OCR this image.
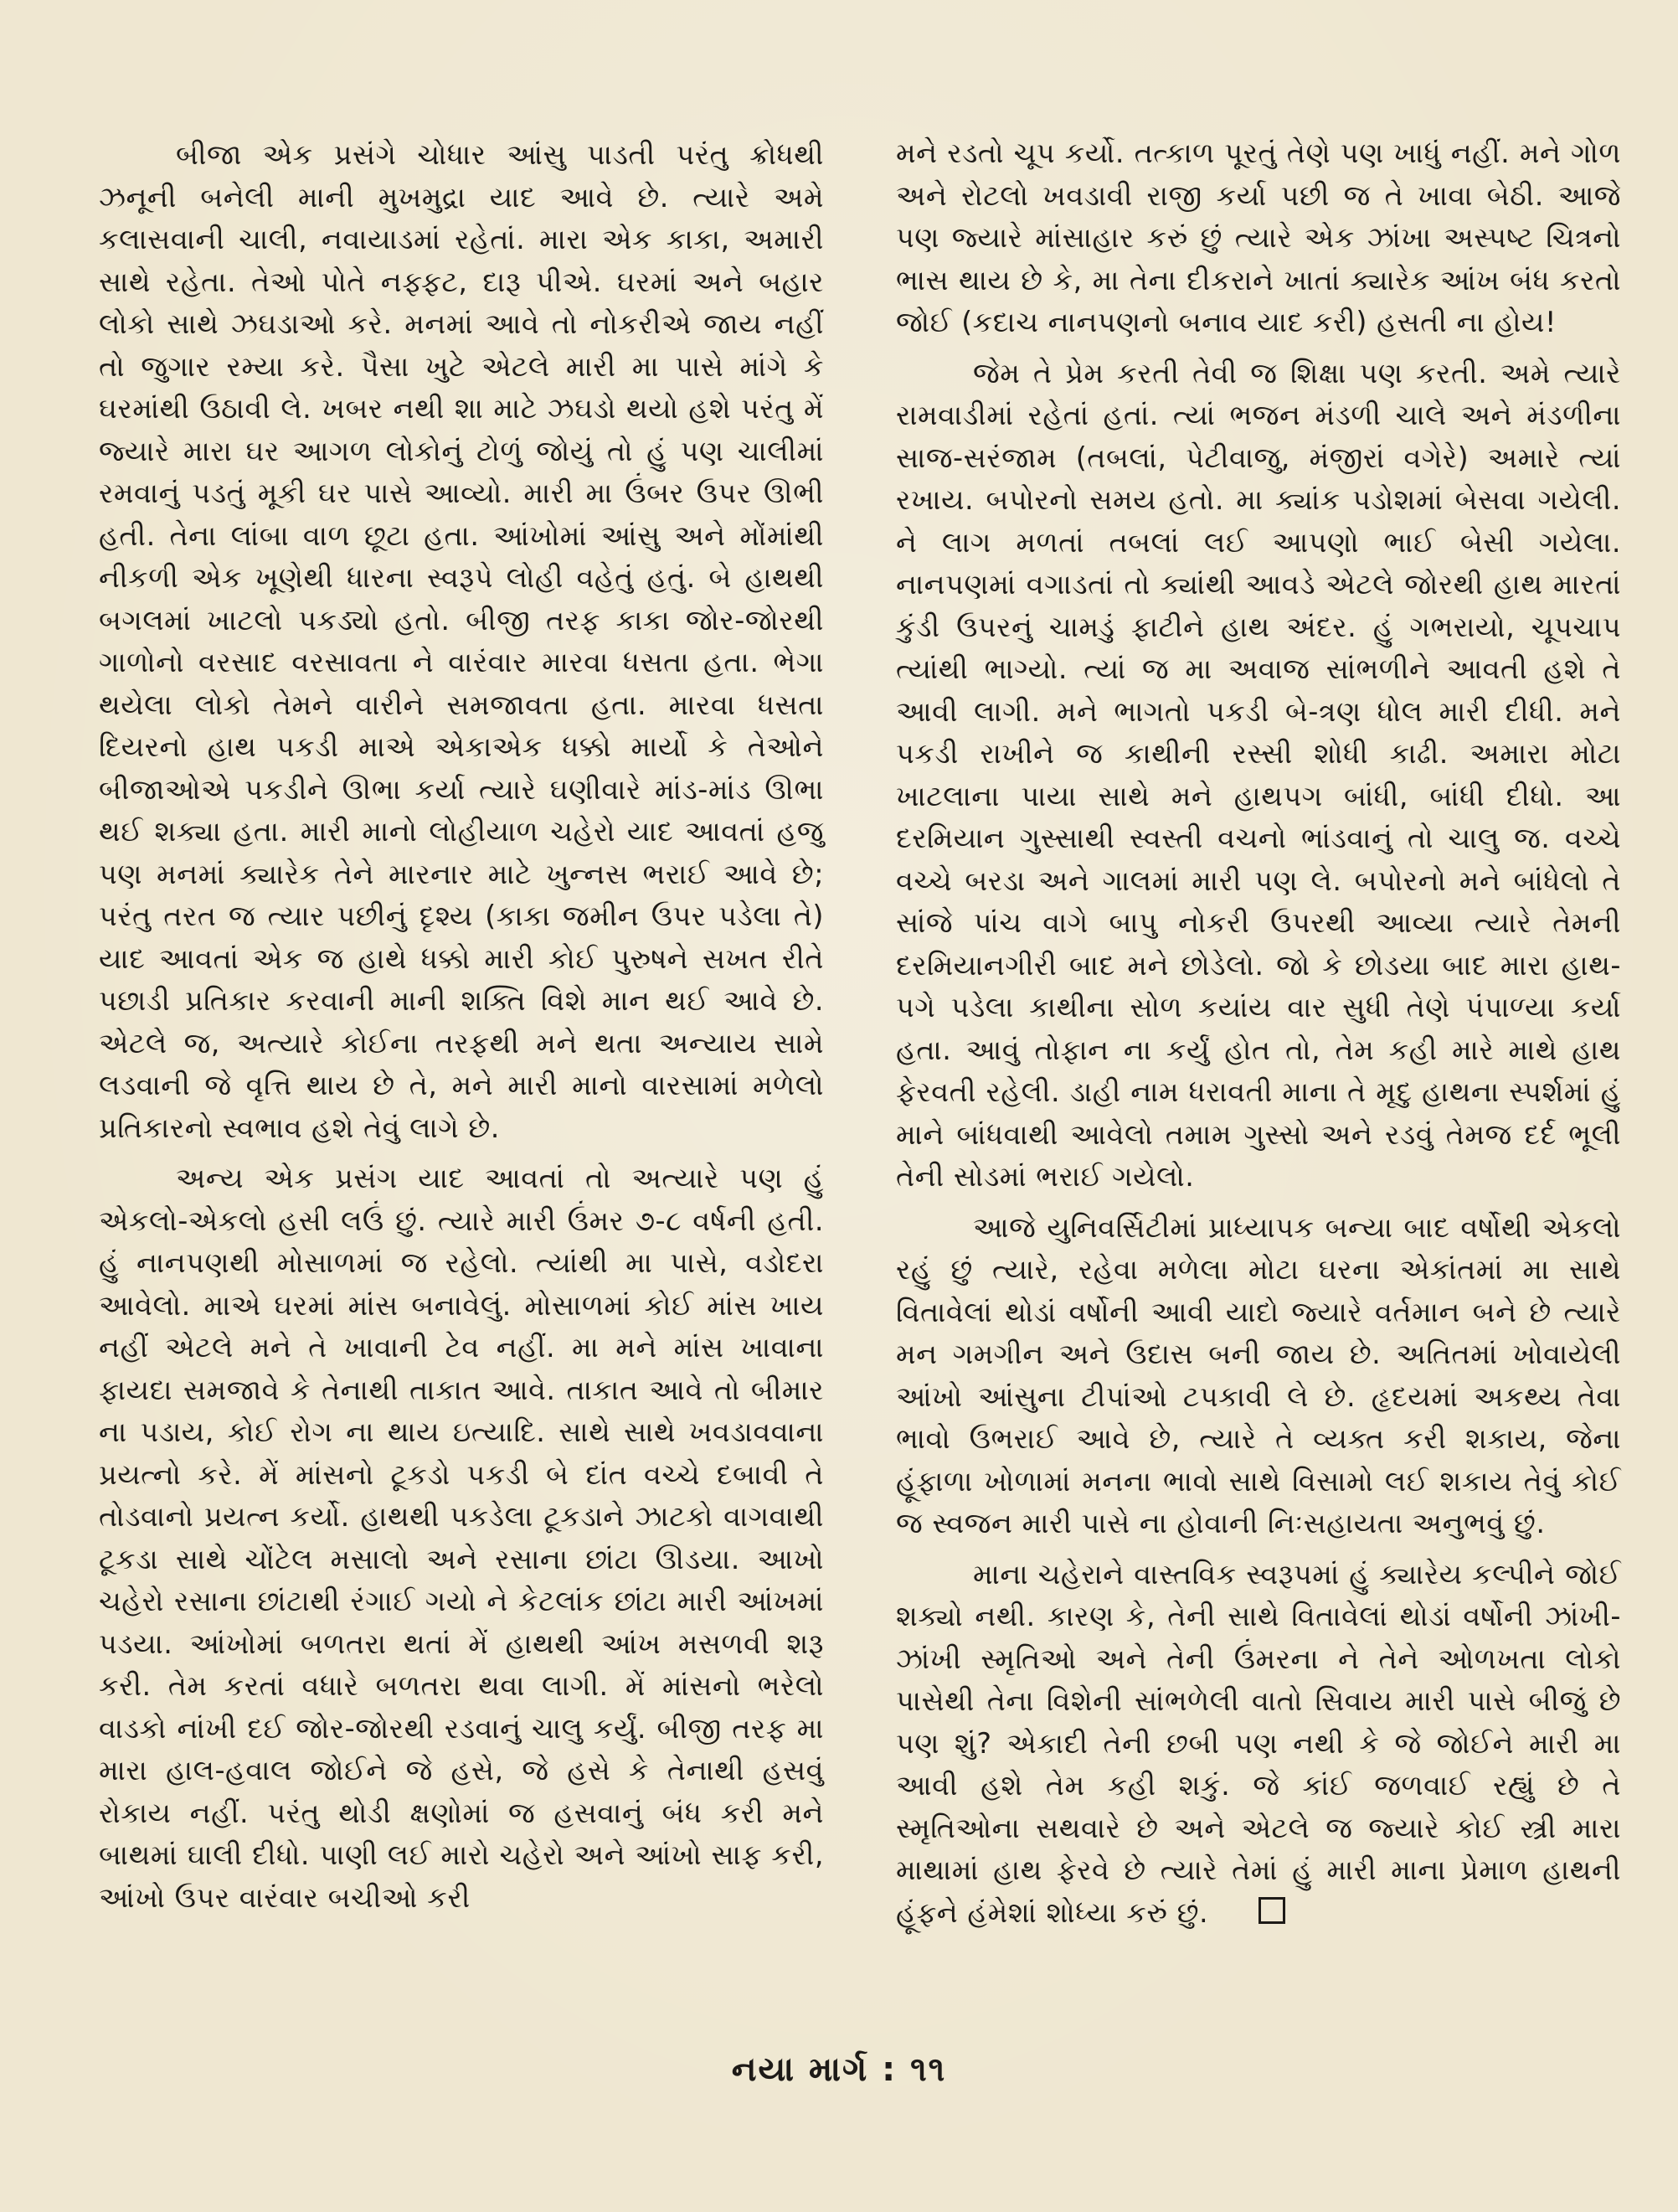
બીજા એક પ્રસંગે ચોધાર આંસુ પાડતી પરંતુ ક્રોધથી ઝનૂની બનેલી માની મુખમુદ્રા યાદ આવે છે. ત્યારે અમે કલાસવાની ચાલી, નવાયાડમાં રહેતાં. મારા એક કાકા, અમારી સાથે રહેતા. તેઓ પોતે નફ્ફટ, દારૂ પીએ. ઘરમાં અને બહાર લોકો સાથે ઝઘડાઓ કરે. મનમાં આવે તો નોકરીએ જાય નહીં તો જુગાર રમ્યા કરે. પૈસા ખુટે એટલે મારી મા પાસે માંગે કે ઘરમાંથી ઉઠાવી લે. ખબર નથી શા માટે ઝઘડો થયો હશે પરંતુ મેં જ્યારે મારા ઘર આગળ લોકોનું ટોળું જોયું તો હું પણ ચાલીમાં રમવાનું પડતું મૂકી ઘર પાસે આવ્યો. મારી મા ઉંબર ઉપર ઊભી હતી. તેના લાંબા વાળ છૂટા હતા. આંખોમાં આંસુ અને મોંમાંથી નીકળી એક ખૂણેથી ધારના સ્વરૂપે લોહી વહેતું હતું. બે હાથથી બગલમાં ખાટલો પકડ્યો હતો. બીજી તરફ કાકા જોર-જોરથી ગાળોનો વરસાદ વરસાવતા ને વારંવાર મારવા ધસતા હતા. ભેગા થયેલા લોકો તેમને વારીને સમજાવતા હતા. મારવા ધસતા દિયરનો હાથ પકડી માએ એકાએક ધક્કો માર્યો કે તેઓને બીજાઓએ પકડીને ઊભા કર્યા ત્યારે ઘણીવારે માંડ-માંડ ઊભા થઈ શક્યા હતા. મારી માનો લોહીયાળ ચહેરો યાદ આવતાં હજુ પણ મનમાં ક્યારેક તેને મારનાર માટે ખુન્નસ ભરાઈ આવે છે; પરંતુ તરત જ ત્યાર પછીનું દૃશ્ય (કાકા જમીન ઉપર પડેલા તે) યાદ આવતાં એક જ હાથે ધક્કો મારી કોઈ પુરુષને સખત રીતે પછાડી પ્રતિકાર કરવાની માની શક્તિ વિશે માન થઈ આવે છે. એટલે જ, અત્યારે કોઈના તરફથી મને થતા અન્યાય સામે લડવાની જે વૃત્તિ થાય છે તે, મને મારી માનો વારસામાં મળેલો પ્રતિકારનો સ્વભાવ હશે તેવું લાગે છે.

અન્ય એક પ્રસંગ યાદ આવતાં તો અત્યારે પણ હું એકલો-એકલો હસી લઉં છું. ત્યારે મારી ઉંમર ૭-૮ વર્ષની હતી. હું નાનપણથી મોસાળમાં જ રહેલો. ત્યાંથી મા પાસે, વડોદરા આવેલો. માએ ઘરમાં માંસ બનાવેલું. મોસાળમાં કોઈ માંસ ખાય નહીં એટલે મને તે ખાવાની ટેવ નહીં. મા મને માંસ ખાવાના ફાયદા સમજાવે કે તેનાથી તાકાત આવે. તાકાત આવે તો બીમાર ના પડાય, કોઈ રોગ ના થાય ઇત્યાદિ. સાથે સાથે ખવડાવવાના પ્રયત્નો કરે. મેં માંસનો ટૂકડો પકડી બે દાંત વચ્ચે દબાવી તે તોડવાનો પ્રયત્ન કર્યો. હાથથી પકડેલા ટૂકડાને ઝાટકો વાગવાથી ટૂકડા સાથે ચોંટેલ મસાલો અને રસાના છાંટા ઊડયા. આખો ચહેરો રસાના છાંટાથી રંગાઈ ગયો ને કેટલાંક છાંટા મારી આંખમાં પડયા. આંખોમાં બળતરા થતાં મેં હાથથી આંખ મસળવી શરૂ કરી. તેમ કરતાં વધારે બળતરા થવા લાગી. મેં માંસનો ભરેલો વાડકો નાંખી દઈ જોર-જોરથી રડવાનું ચાલુ કર્યું. બીજી તરફ મા મારા હાલ-હવાલ જોઈને જે હસે, જે હસે કે તેનાથી હસવું રોકાય નહીં. પરંતુ થોડી ક્ષણોમાં જ હસવાનું બંધ કરી મને બાથમાં ઘાલી દીધો. પાણી લઈ મારો ચહેરો અને આંખો સાફ કરી, આંખો ઉપર વારંવાર બચીઓ કરી

મને રડતો ચૂપ કર્યો. તત્કાળ પૂરતું તેણે પણ ખાધું નહીં. મને ગોળ અને રોટલો ખવડાવી રાજી કર્યા પછી જ તે ખાવા બેઠી. આજે પણ જ્યારે માંસાહાર કરું છું ત્યારે એક ઝાંખા અસ્પષ્ટ ચિત્રનો ભાસ થાય છે કે, મા તેના દીકરાને ખાતાં ક્યારેક આંખ બંધ કરતો જોઈ (કદાચ નાનપણનો બનાવ યાદ કરી) હસતી ના હોય!

જેમ તે પ્રેમ કરતી તેવી જ શિક્ષા પણ કરતી. અમે ત્યારે રામવાડીમાં રહેતાં હતાં. ત્યાં ભજન મંડળી ચાલે અને મંડળીના સાજ-સરંજામ (તબલાં, પેટીવાજુ, મંજીરાં વગેરે) અમારે ત્યાં રખાય. બપોરનો સમય હતો. મા ક્યાંક પડોશમાં બેસવા ગયેલી. ને લાગ મળતાં તબલાં લઈ આપણો ભાઈ બેસી ગયેલા. નાનપણમાં વગાડતાં તો ક્યાંથી આવડે એટલે જોરથી હાથ મારતાં કુંડી ઉપરનું ચામડું ફાટીને હાથ અંદર. હું ગભરાયો, ચૂપચાપ ત્યાંથી ભાગ્યો. ત્યાં જ મા અવાજ સાંભળીને આવતી હશે તે આવી લાગી. મને ભાગતો પકડી બે-ત્રણ ધોલ મારી દીધી. મને પકડી રાખીને જ કાથીની રસ્સી શોધી કાઢી. અમારા મોટા ખાટલાના પાયા સાથે મને હાથપગ બાંધી, બાંધી દીધો. આ દરમિયાન ગુસ્સાથી સ્વસ્તી વચનો ભાંડવાનું તો ચાલુ જ. વચ્ચે વચ્ચે બરડા અને ગાલમાં મારી પણ લે. બપોરનો મને બાંધેલો તે સાંજે પાંચ વાગે બાપુ નોકરી ઉપરથી આવ્યા ત્યારે તેમની દરમિયાનગીરી બાદ મને છોડેલો. જો કે છોડયા બાદ મારા હાથ-પગે પડેલા કાથીના સોળ કયાંય વાર સુધી તેણે પંપાળ્યા કર્યા હતા. આવું તોફાન ના કર્યું હોત તો, તેમ કહી મારે માથે હાથ ફેરવતી રહેલી. ડાહી નામ ધરાવતી માના તે મૃદુ હાથના સ્પર્શમાં હું માને બાંધવાથી આવેલો તમામ ગુસ્સો અને રડવું તેમજ દર્દ ભૂલી તેની સોડમાં ભરાઈ ગયેલો.

આજે યુનિવર્સિટીમાં પ્રાધ્યાપક બન્યા બાદ વર્ષોથી એકલો રહું છું ત્યારે, રહેવા મળેલા મોટા ઘરના એકાંતમાં મા સાથે વિતાવેલાં થોડાં વર્ષોની આવી યાદો જ્યારે વર્તમાન બને છે ત્યારે મન ગમગીન અને ઉદાસ બની જાય છે. અતિતમાં ખોવાયેલી આંખો આંસુના ટીપાંઓ ટપકાવી લે છે. હૃદયમાં અકથ્ય તેવા ભાવો ઉભરાઈ આવે છે, ત્યારે તે વ્યક્ત કરી શકાય, જેના હૂંફાળા ખોળામાં મનના ભાવો સાથે વિસામો લઈ શકાય તેવું કોઈ જ સ્વજન મારી પાસે ના હોવાની નિઃસહાયતા અનુભવું છું.

માના ચહેરાને વાસ્તવિક સ્વરૂપમાં હું ક્યારેય કલ્પીને જોઈ શક્યો નથી. કારણ કે, તેની સાથે વિતાવેલાં થોડાં વર્ષોની ઝાંખી-ઝાંખી સ્મૃતિઓ અને તેની ઉંમરના ને તેને ઓળખતા લોકો પાસેથી તેના વિશેની સાંભળેલી વાતો સિવાય મારી પાસે બીજું છે પણ શું? એકાદી તેની છબી પણ નથી કે જે જોઈને મારી મા આવી હશે તેમ કહી શકું. જે કાંઈ જળવાઈ રહ્યું છે તે સ્મૃતિઓના સથવારે છે અને એટલે જ જ્યારે કોઈ સ્ત્રી મારા માથામાં હાથ ફેરવે છે ત્યારે તેમાં હું મારી માના પ્રેમાળ હાથની હૂંફને હંમેશાં શોધ્યા કરું છું.

નયા માર્ગ : ૧૧
